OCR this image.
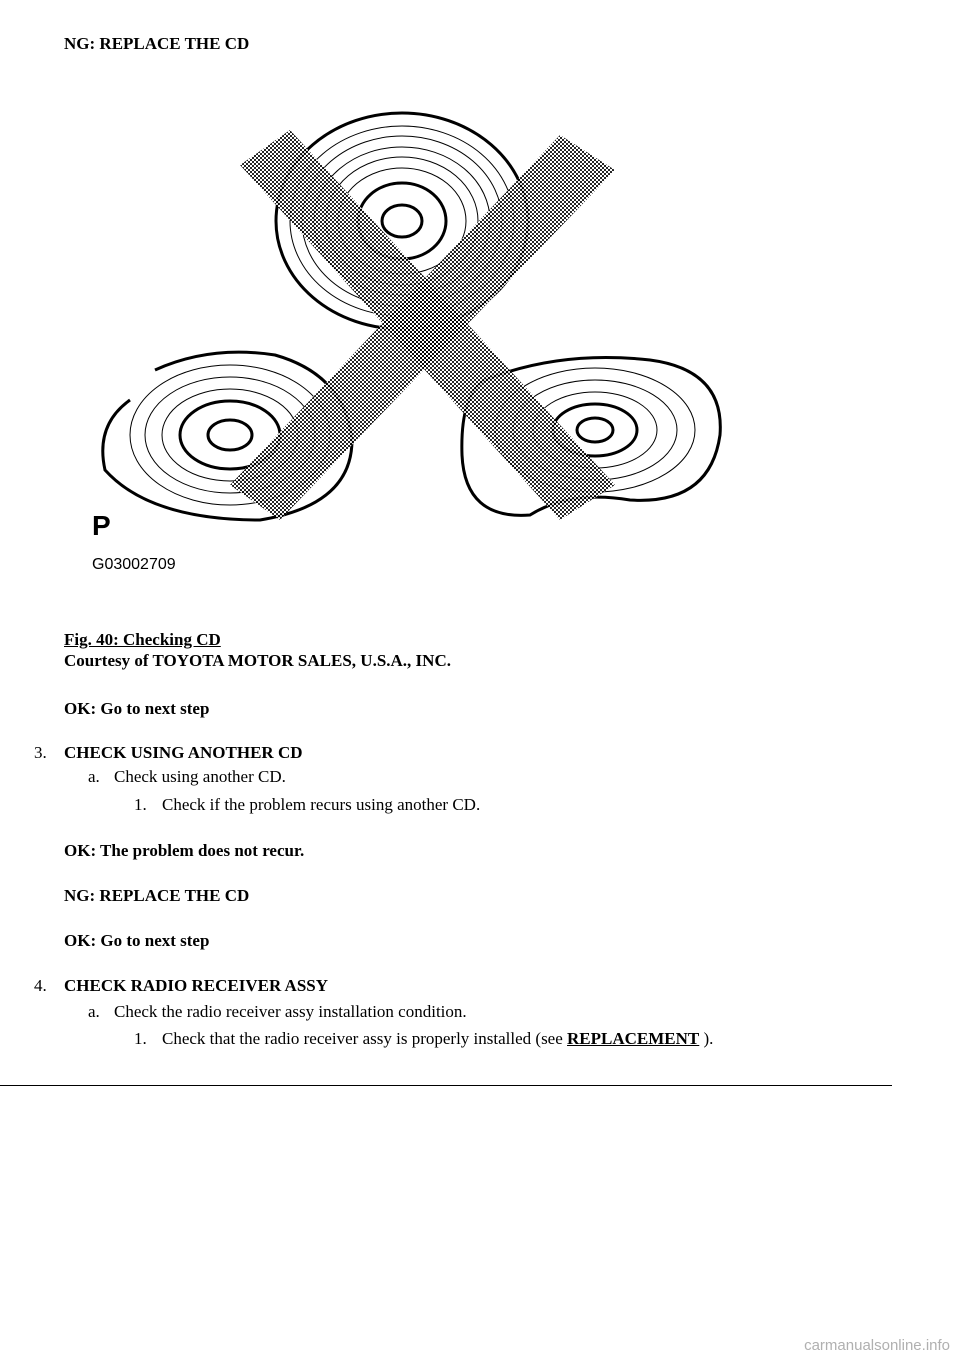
NG: REPLACE THE CD
P
G03002709
Fig. 40: Checking CD
Courtesy of TOYOTA MOTOR SALES, U.S.A., INC.
OK: Go to next step
3. CHECK USING ANOTHER CD
a. Check using another CD.
1. Check if the problem recurs using another CD.
OK: The problem does not recur.
NG: REPLACE THE CD
OK: Go to next step
4. CHECK RADIO RECEIVER ASSY
a. Check the radio receiver assy installation condition.
1. Check that the radio receiver assy is properly installed (see REPLACEMENT ).
carmanualsonline.info
